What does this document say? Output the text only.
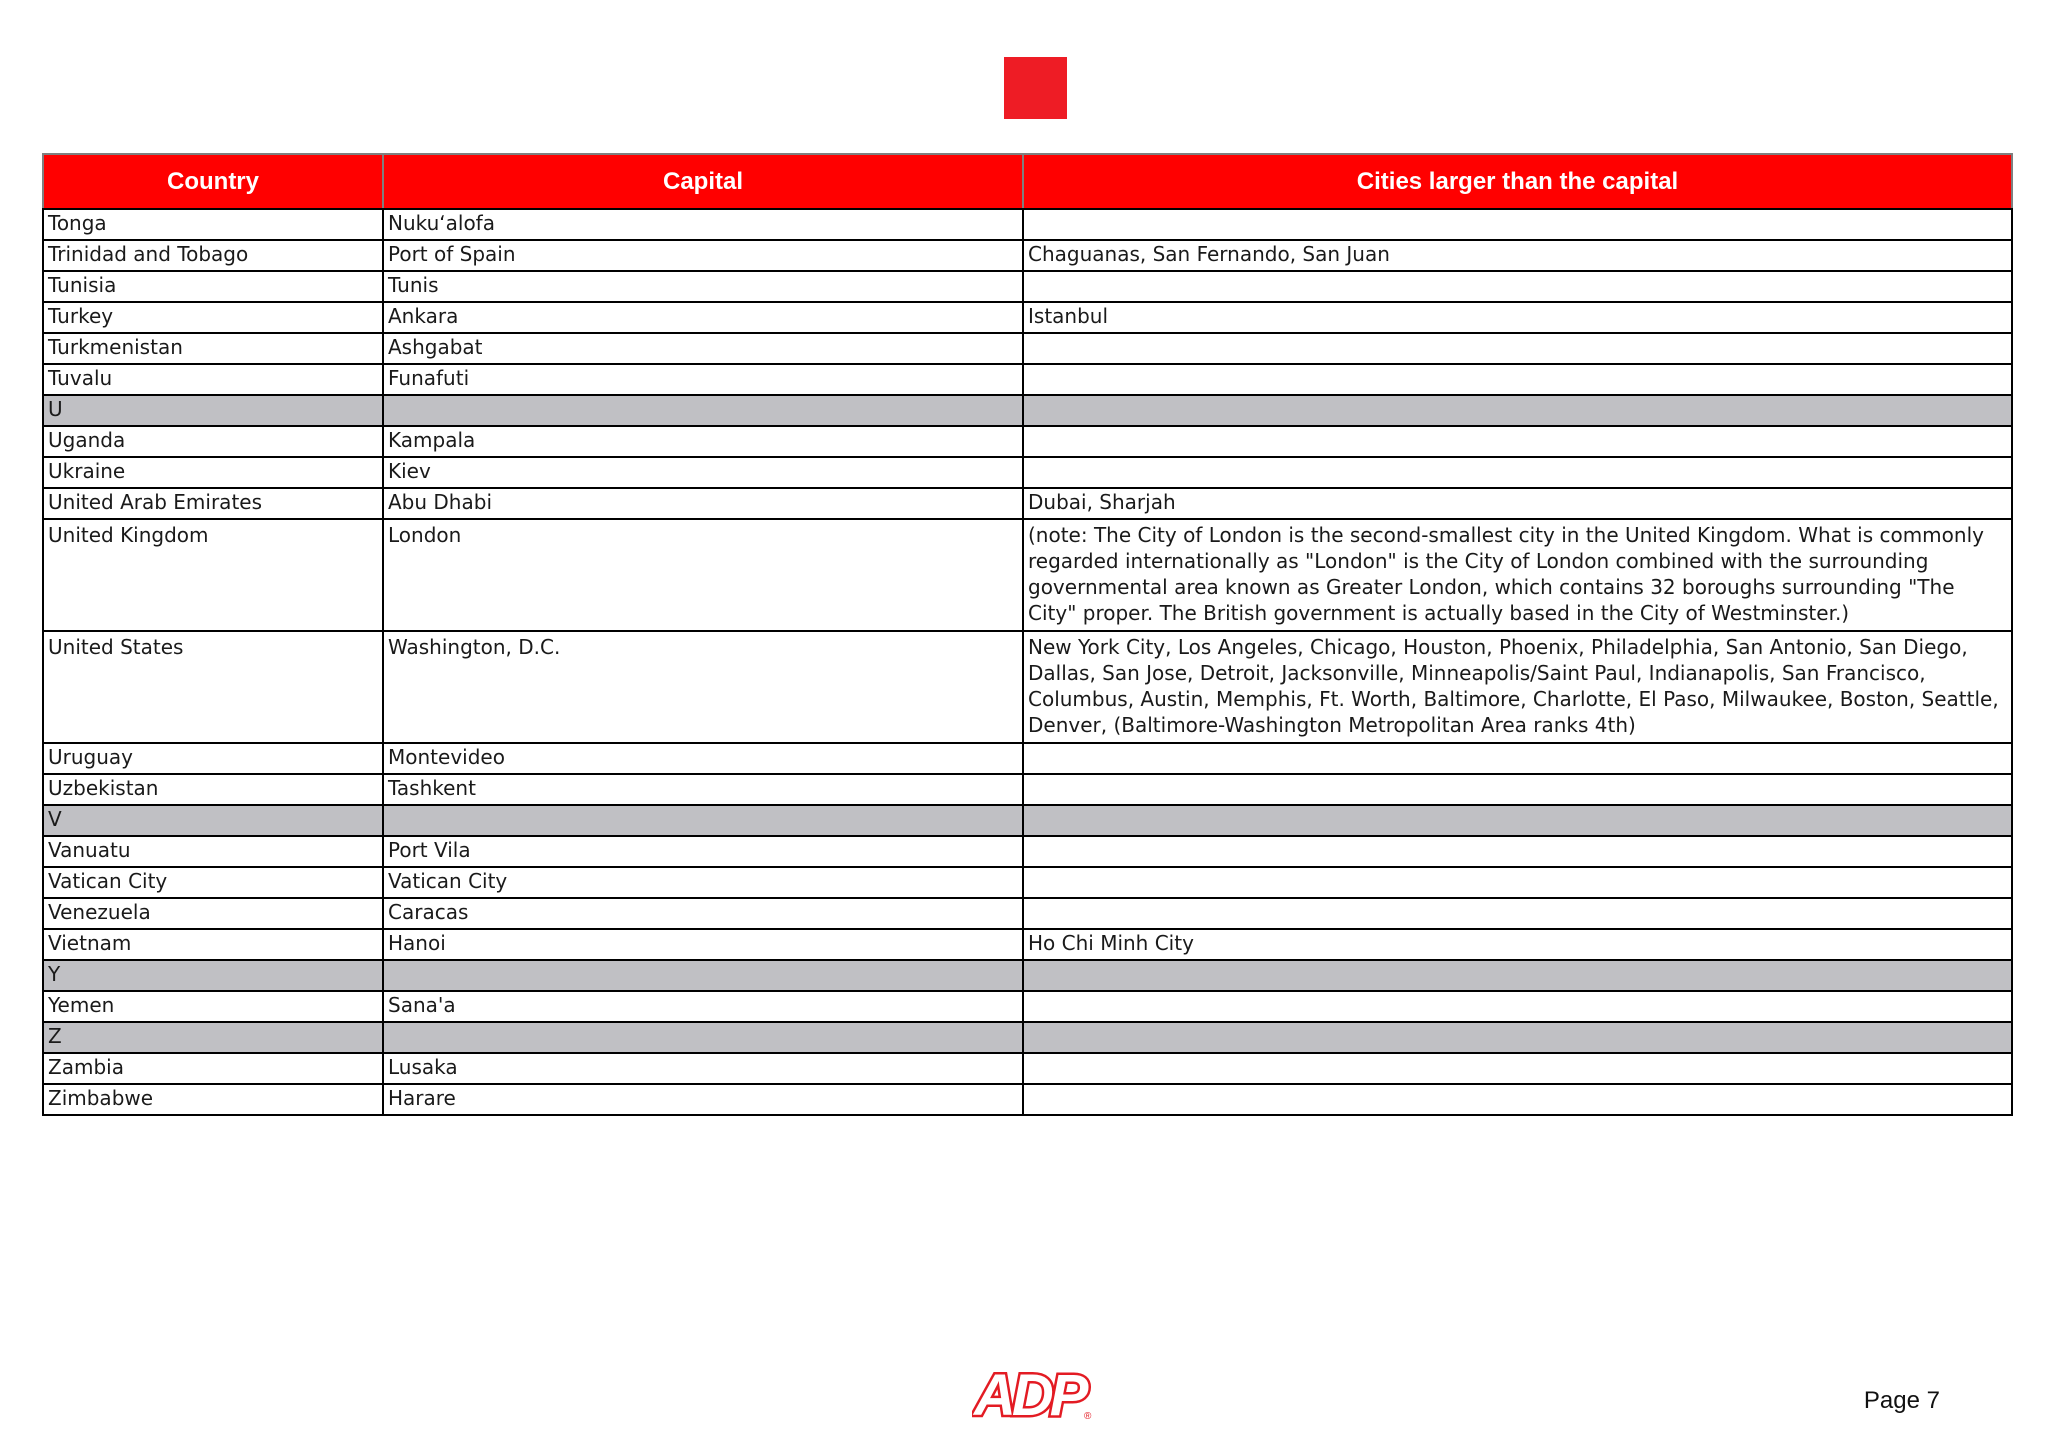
Country	Capital	Cities larger than the capital
Tonga	Nukuʻalofa	
Trinidad and Tobago	Port of Spain	Chaguanas, San Fernando, San Juan
Tunisia	Tunis	
Turkey	Ankara	Istanbul
Turkmenistan	Ashgabat	
Tuvalu	Funafuti	
U		
Uganda	Kampala	
Ukraine	Kiev	
United Arab Emirates	Abu Dhabi	Dubai, Sharjah
United Kingdom	London	(note: The City of London is the second-smallest city in the United Kingdom. What is commonly regarded internationally as "London" is the City of London combined with the surrounding governmental area known as Greater London, which contains 32 boroughs surrounding "The City" proper. The British government is actually based in the City of Westminster.)
United States	Washington, D.C.	New York City, Los Angeles, Chicago, Houston, Phoenix, Philadelphia, San Antonio, San Diego, Dallas, San Jose, Detroit, Jacksonville, Minneapolis/Saint Paul, Indianapolis, San Francisco, Columbus, Austin, Memphis, Ft. Worth, Baltimore, Charlotte, El Paso, Milwaukee, Boston, Seattle, Denver, (Baltimore-Washington Metropolitan Area ranks 4th)
Uruguay	Montevideo	
Uzbekistan	Tashkent	
V		
Vanuatu	Port Vila	
Vatican City	Vatican City	
Venezuela	Caracas	
Vietnam	Hanoi	Ho Chi Minh City
Y		
Yemen	Sana'a	
Z		
Zambia	Lusaka	
Zimbabwe	Harare	
ADP ®
Page 7
